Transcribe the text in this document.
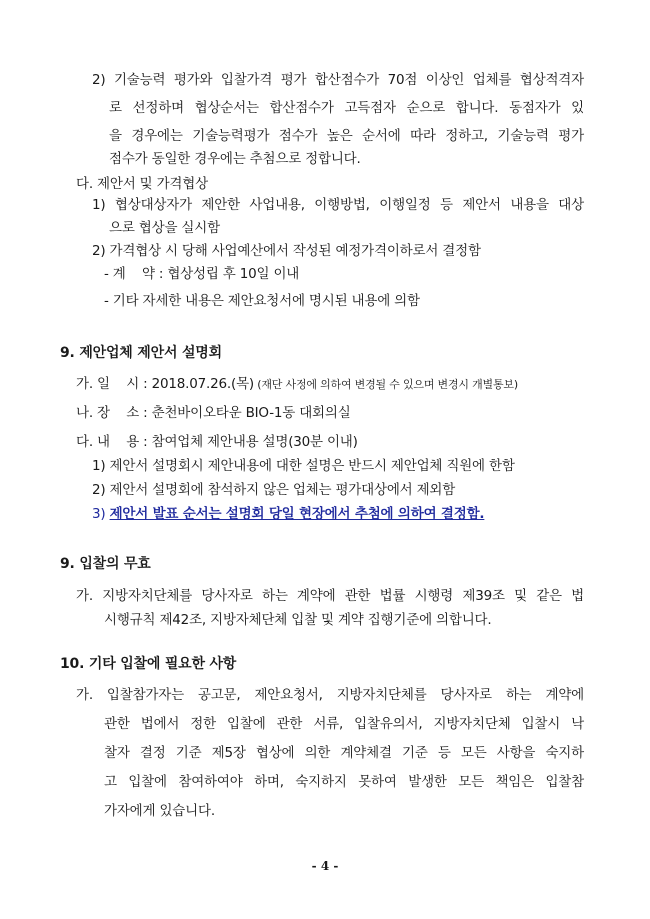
2) 기술능력 평가와 입찰가격 평가 합산점수가 70점 이상인 업체를 협상적격자
로 선정하며 협상순서는 합산점수가 고득점자 순으로 합니다. 동점자가 있
을 경우에는 기술능력평가 점수가 높은 순서에 따라 정하고, 기술능력 평가
점수가 동일한 경우에는 추첨으로 정합니다.
다. 제안서 및 가격협상
1) 협상대상자가 제안한 사업내용, 이행방법, 이행일정 등 제안서 내용을 대상
으로 협상을 실시함
2) 가격협상 시 당해 사업예산에서 작성된 예정가격이하로서 결정함
- 계    약 : 협상성립 후 10일 이내
- 기타 자세한 내용은 제안요청서에 명시된 내용에 의함
9. 제안업체 제안서 설명회
가. 일    시 : 2018.07.26.(목) (재단 사정에 의하여 변경될 수 있으며 변경시 개별통보)
나. 장    소 : 춘천바이오타운 BIO-1동 대회의실
다. 내    용 : 참여업체 제안내용 설명(30분 이내)
1) 제안서 설명회시 제안내용에 대한 설명은 반드시 제안업체 직원에 한함
2) 제안서 설명회에 참석하지 않은 업체는 평가대상에서 제외함
3) 제안서 발표 순서는 설명회 당일 현장에서 추첨에 의하여 결정함.
9. 입찰의 무효
가. 지방자치단체를 당사자로 하는 계약에 관한 법률 시행령 제39조 및 같은 법
시행규칙 제42조, 지방자체단체 입찰 및 계약 집행기준에 의합니다.
10. 기타 입찰에 필요한 사항
가. 입찰참가자는 공고문, 제안요청서, 지방자치단체를 당사자로 하는 계약에
관한 법에서 정한 입찰에 관한 서류, 입찰유의서, 지방자치단체 입찰시 낙
찰자 결정 기준 제5장 협상에 의한 계약체결 기준 등 모든 사항을 숙지하
고 입찰에 참여하여야 하며, 숙지하지 못하여 발생한 모든 책임은 입찰참
가자에게 있습니다.
- 4 -
